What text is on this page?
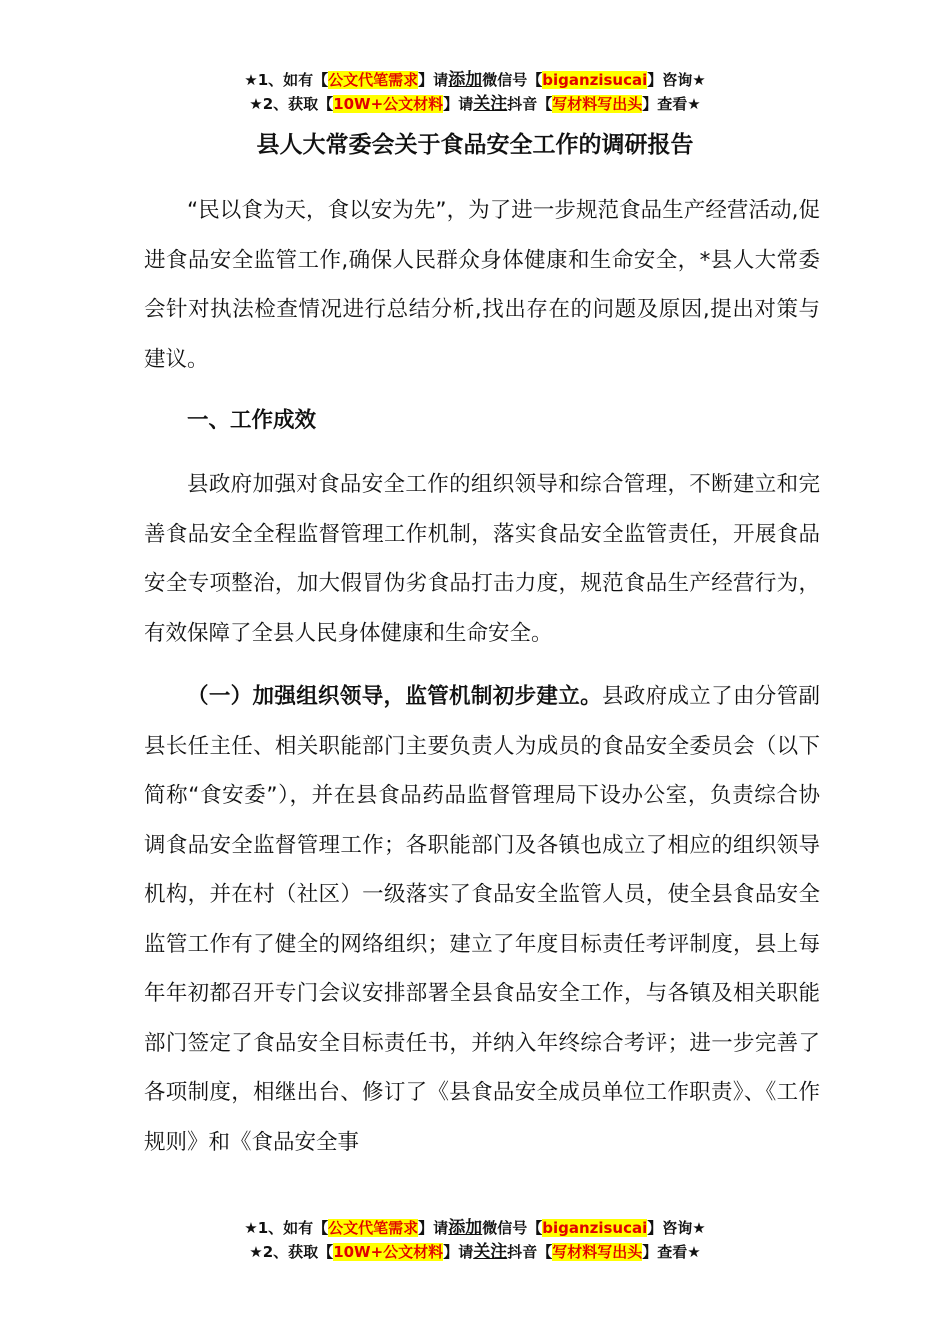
★1、如有【公文代笔需求】请添加微信号【biganzisucai】咨询★
★2、获取【10W+公文材料】请关注抖音【写材料写出头】查看★
县人大常委会关于食品安全工作的调研报告

“民以食为天，食以安为先”，为了进一步规范食品生产经营活动,促进食品安全监管工作,确保人民群众身体健康和生命安全，*县人大常委会针对执法检查情况进行总结分析,找出存在的问题及原因,提出对策与建议。

一、工作成效

县政府加强对食品安全工作的组织领导和综合管理，不断建立和完善食品安全全程监督管理工作机制，落实食品安全监管责任，开展食品安全专项整治，加大假冒伪劣食品打击力度，规范食品生产经营行为，有效保障了全县人民身体健康和生命安全。

（一）加强组织领导，监管机制初步建立。县政府成立了由分管副县长任主任、相关职能部门主要负责人为成员的食品安全委员会（以下简称“食安委”），并在县食品药品监督管理局下设办公室，负责综合协调食品安全监督管理工作；各职能部门及各镇也成立了相应的组织领导机构，并在村（社区）一级落实了食品安全监管人员，使全县食品安全监管工作有了健全的网络组织；建立了年度目标责任考评制度，县上每年年初都召开专门会议安排部署全县食品安全工作，与各镇及相关职能部门签定了食品安全目标责任书，并纳入年终综合考评；进一步完善了各项制度，相继出台、修订了《县食品安全成员单位工作职责》、《工作规则》和《食品安全事

★1、如有【公文代笔需求】请添加微信号【biganzisucai】咨询★
★2、获取【10W+公文材料】请关注抖音【写材料写出头】查看★
